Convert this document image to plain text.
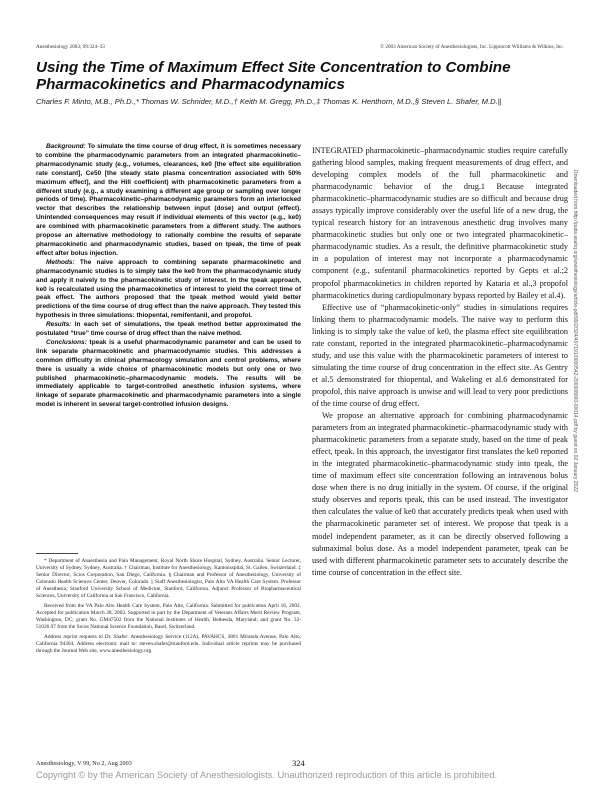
Anesthesiology 2003; 99:324–33	© 2003 American Society of Anesthesiologists, Inc. Lippincott Williams & Wilkins, Inc.
Using the Time of Maximum Effect Site Concentration to Combine Pharmacokinetics and Pharmacodynamics
Charles F. Minto, M.B., Ph.D.,* Thomas W. Schnider, M.D.,† Keith M. Gregg, Ph.D.,‡ Thomas K. Henthorn, M.D.,§ Steven L. Shafer, M.D.||

Background: To simulate the time course of drug effect, it is sometimes necessary to combine the pharmacodynamic parameters from an integrated pharmacokinetic–pharmacodynamic study (e.g., volumes, clearances, ke0 [the effect site equilibration rate constant], Ce50 [the steady state plasma concentration associated with 50% maximum effect], and the Hill coefficient) with pharmacokinetic parameters from a different study (e.g., a study examining a different age group or sampling over longer periods of time). Pharmacokinetic–pharmacodynamic parameters form an interlocked vector that describes the relationship between input (dose) and output (effect). Unintended consequences may result if individual elements of this vector (e.g., ke0) are combined with pharmacokinetic parameters from a different study. The authors propose an alternative methodology to rationally combine the results of separate pharmacokinetic and pharmacodynamic studies, based on tpeak, the time of peak effect after bolus injection.

Methods: The naive approach to combining separate pharmacokinetic and pharmacodynamic studies is to simply take the ke0 from the pharmacodynamic study and apply it naively to the pharmacokinetic study of interest. In the tpeak approach, ke0 is recalculated using the pharmacokinetics of interest to yield the correct time of peak effect. The authors proposed that the tpeak method would yield better predictions of the time course of drug effect than the naive approach. They tested this hypothesis in three simulations: thiopental, remifentanil, and propofol.

Results: In each set of simulations, the tpeak method better approximated the postulated “true” time course of drug effect than the naive method.

Conclusions: tpeak is a useful pharmacodynamic parameter and can be used to link separate pharmacokinetic and pharmacodynamic studies. This addresses a common difficulty in clinical pharmacology simulation and control problems, where there is usually a wide choice of pharmacokinetic models but only one or two published pharmacokinetic–pharmacodynamic models. The results will be immediately applicable to target-controlled anesthetic infusion systems, where linkage of separate pharmacokinetic and pharmacodynamic parameters into a single model is inherent in several target-controlled infusion designs.

* Department of Anaesthesia and Pain Management, Royal North Shore Hospital, Sydney, Australia. Senior Lecturer, University of Sydney, Sydney, Australia. † Chairman, Institute for Anesthesiology, Kantonsspital, St. Gallen, Switzerland. ‡ Senior Director, Scios Corporation, San Diego, California. § Chairman and Professor of Anesthesiology, University of Colorado Health Sciences Center, Denver, Colorado. || Staff Anesthesiologist, Palo Alto VA Health Care System. Professor of Anesthesia, Stanford University School of Medicine, Stanford, California. Adjunct Professor of Biopharmaceutical Sciences, University of California at San Francisco, California.

Received from the VA Palo Alto Health Care System, Palo Alto, California. Submitted for publication April 16, 2002. Accepted for publication March 28, 2003. Supported in part by the Department of Veterans Affairs Merit Review Program, Washington, DC; grant No. GM47502 from the National Institutes of Health, Bethesda, Maryland; and grant No. 32-51026.97 from the Swiss National Science Foundation, Basel, Switzerland.

Address reprint requests to Dr. Shafer: Anesthesiology Service (112A), PAVAHCS, 3801 Miranda Avenue, Palo Alto, California 94304. Address electronic mail to: steven.shafer@stanford.edu. Individual article reprints may be purchased through the Journal Web site, www.anesthesiology.org.

INTEGRATED pharmacokinetic–pharmacodynamic studies require carefully gathering blood samples, making frequent measurements of drug effect, and developing complex models of the full pharmacokinetic and pharmacodynamic behavior of the drug.1 Because integrated pharmacokinetic–pharmacodynamic studies are so difficult and because drug assays typically improve considerably over the useful life of a new drug, the typical research history for an intravenous anesthetic drug involves many pharmacokinetic studies but only one or two integrated pharmacokinetic–pharmacodynamic studies. As a result, the definitive pharmacokinetic study in a population of interest may not incorporate a pharmacodynamic component (e.g., sufentanil pharmacokinetics reported by Gepts et al.;2 propofol pharmacokinetics in children reported by Kataria et al.,3 propofol pharmacokinetics during cardiopulmonary bypass reported by Bailey et al.4).

Effective use of “pharmacokinetic-only” studies in simulations requires linking them to pharmacodynamic models. The naive way to perform this linking is to simply take the value of ke0, the plasma effect site equilibration rate constant, reported in the integrated pharmacokinetic–pharmacodynamic study, and use this value with the pharmacokinetic parameters of interest to simulating the time course of drug concentration in the effect site. As Gentry et al.5 demonstrated for thiopental, and Wakeling et al.6 demonstrated for propofol, this naive approach is unwise and will lead to very poor predictions of the time course of drug effect.

We propose an alternative approach for combining pharmacodynamic parameters from an integrated pharmacokinetic–pharmacodynamic study with pharmacokinetic parameters from a separate study, based on the time of peak effect, tpeak. In this approach, the investigator first translates the ke0 reported in the integrated pharmacokinetic–pharmacodynamic study into tpeak, the time of maximum effect site concentration following an intravenous bolus dose when there is no drug initially in the system. Of course, if the original study observes and reports tpeak, this can be used instead. The investigator then calculates the value of ke0 that accurately predicts tpeak when used with the pharmacokinetic parameter set of interest. We propose that tpeak is a model independent parameter, as it can be directly observed following a submaximal bolus dose. As a model independent parameter, tpeak can be used with different pharmacokinetic parameter sets to accurately describe the time course of concentration in the effect site.

Downloaded from http://pubs.asahq.org/anesthesiology/article-pdf/99/2/324/407191/0000542-200308000-00014.pdf by guest on 02 January 2022
Anesthesiology, V 99, No 2, Aug 2003	324
Copyright © by the American Society of Anesthesiologists. Unauthorized reproduction of this article is prohibited.
